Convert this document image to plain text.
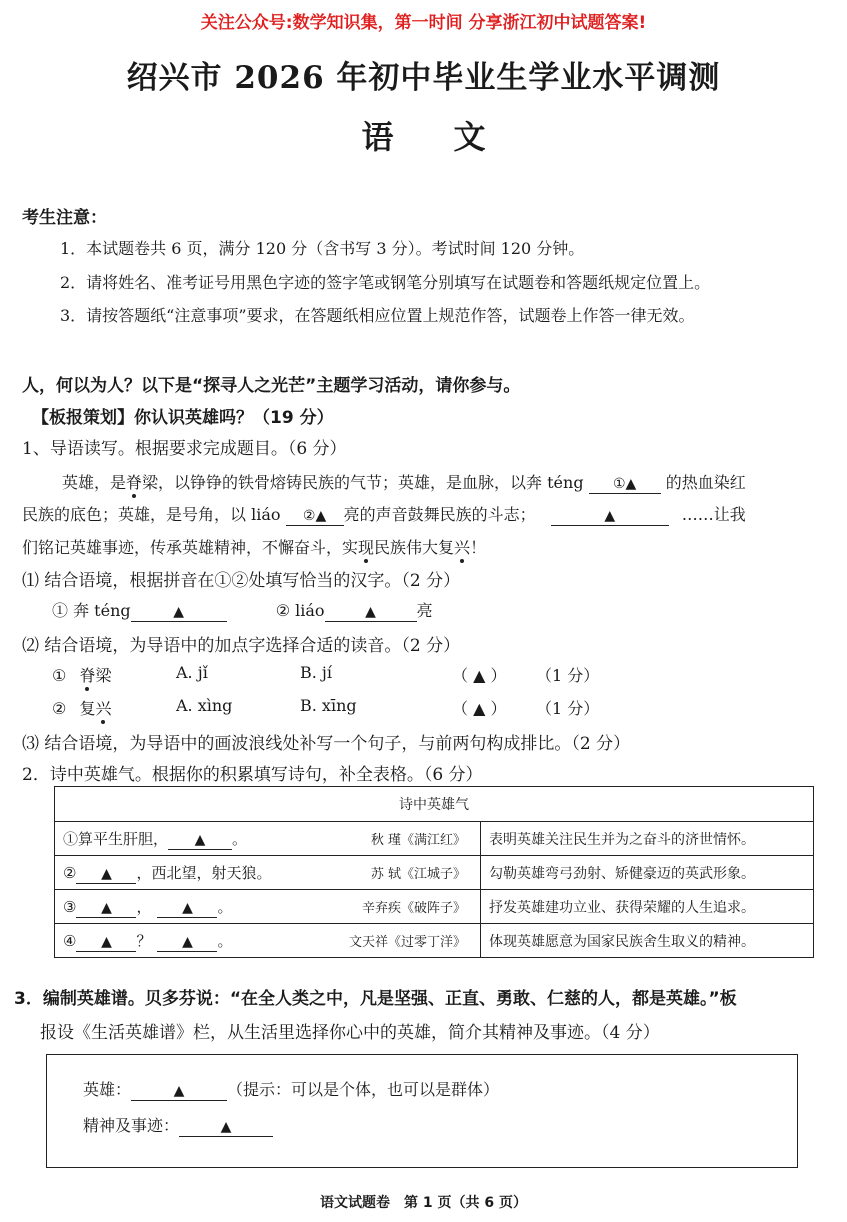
关注公众号:数学知识集，第一时间 分享浙江初中试题答案!
绍兴市 2026 年初中毕业生学业水平调测
语文
考生注意：
1．本试题卷共 6 页，满分 120 分（含书写 3 分）。考试时间 120 分钟。
2．请将姓名、准考证号用黑色字迹的签字笔或钢笔分别填写在试题卷和答题纸规定位置上。
3．请按答题纸“注意事项”要求，在答题纸相应位置上规范作答，试题卷上作答一律无效。
人，何以为人？以下是“探寻人之光芒”主题学习活动，请你参与。
【板报策划】你认识英雄吗？（19 分）
1、导语读写。根据要求完成题目。（6 分）
英雄，是脊梁，以铮铮的铁骨熔铸民族的气节；英雄，是血脉，以奔 téng ①▲ 的热血染红
民族的底色；英雄，是号角，以 liáo ②▲ 亮的声音鼓舞民族的斗志；	▲	……让我
们铭记英雄事迹，传承英雄精神，不懈奋斗，实现民族伟大复兴！
⑴ 结合语境，根据拼音在①②处填写恰当的汉字。（2 分）
① 奔 téng	▲	② liáo	▲	亮
⑵ 结合语境，为导语中的加点字选择合适的读音。（2 分）
① 脊梁	A. jǐ	B. jí	（ ▲ ） （1 分）
② 复兴	A. xìng	B. xīng	（ ▲ ） （1 分）
⑶ 结合语境，为导语中的画波浪线处补写一个句子，与前两句构成排比。（2 分）
2．诗中英雄气。根据你的积累填写诗句，补全表格。（6 分）
诗中英雄气	

①算平生肝胆， ▲ 。 秋 瑾《满江红》	表明英雄关注民生并为之奋斗的济世情怀。

② ▲ ，西北望，射天狼。 苏 轼《江城子》	勾勒英雄弯弓劲射、矫健豪迈的英武形象。

③ ▲ ， ▲ 。 辛弃疾《破阵子》	抒发英雄建功立业、获得荣耀的人生追求。

④ ▲ ？ ▲ 。 文天祥《过零丁洋》	体现英雄愿意为国家民族舍生取义的精神。
3．编制英雄谱。贝多芬说：“在全人类之中，凡是坚强、正直、勇敢、仁慈的人，都是英雄。”板
报设《生活英雄谱》栏，从生活里选择你心中的英雄，简介其精神及事迹。（4 分）
英雄：	▲	（提示：可以是个体，也可以是群体）
精神及事迹：	▲
语文试题卷　第 1 页（共 6 页）
